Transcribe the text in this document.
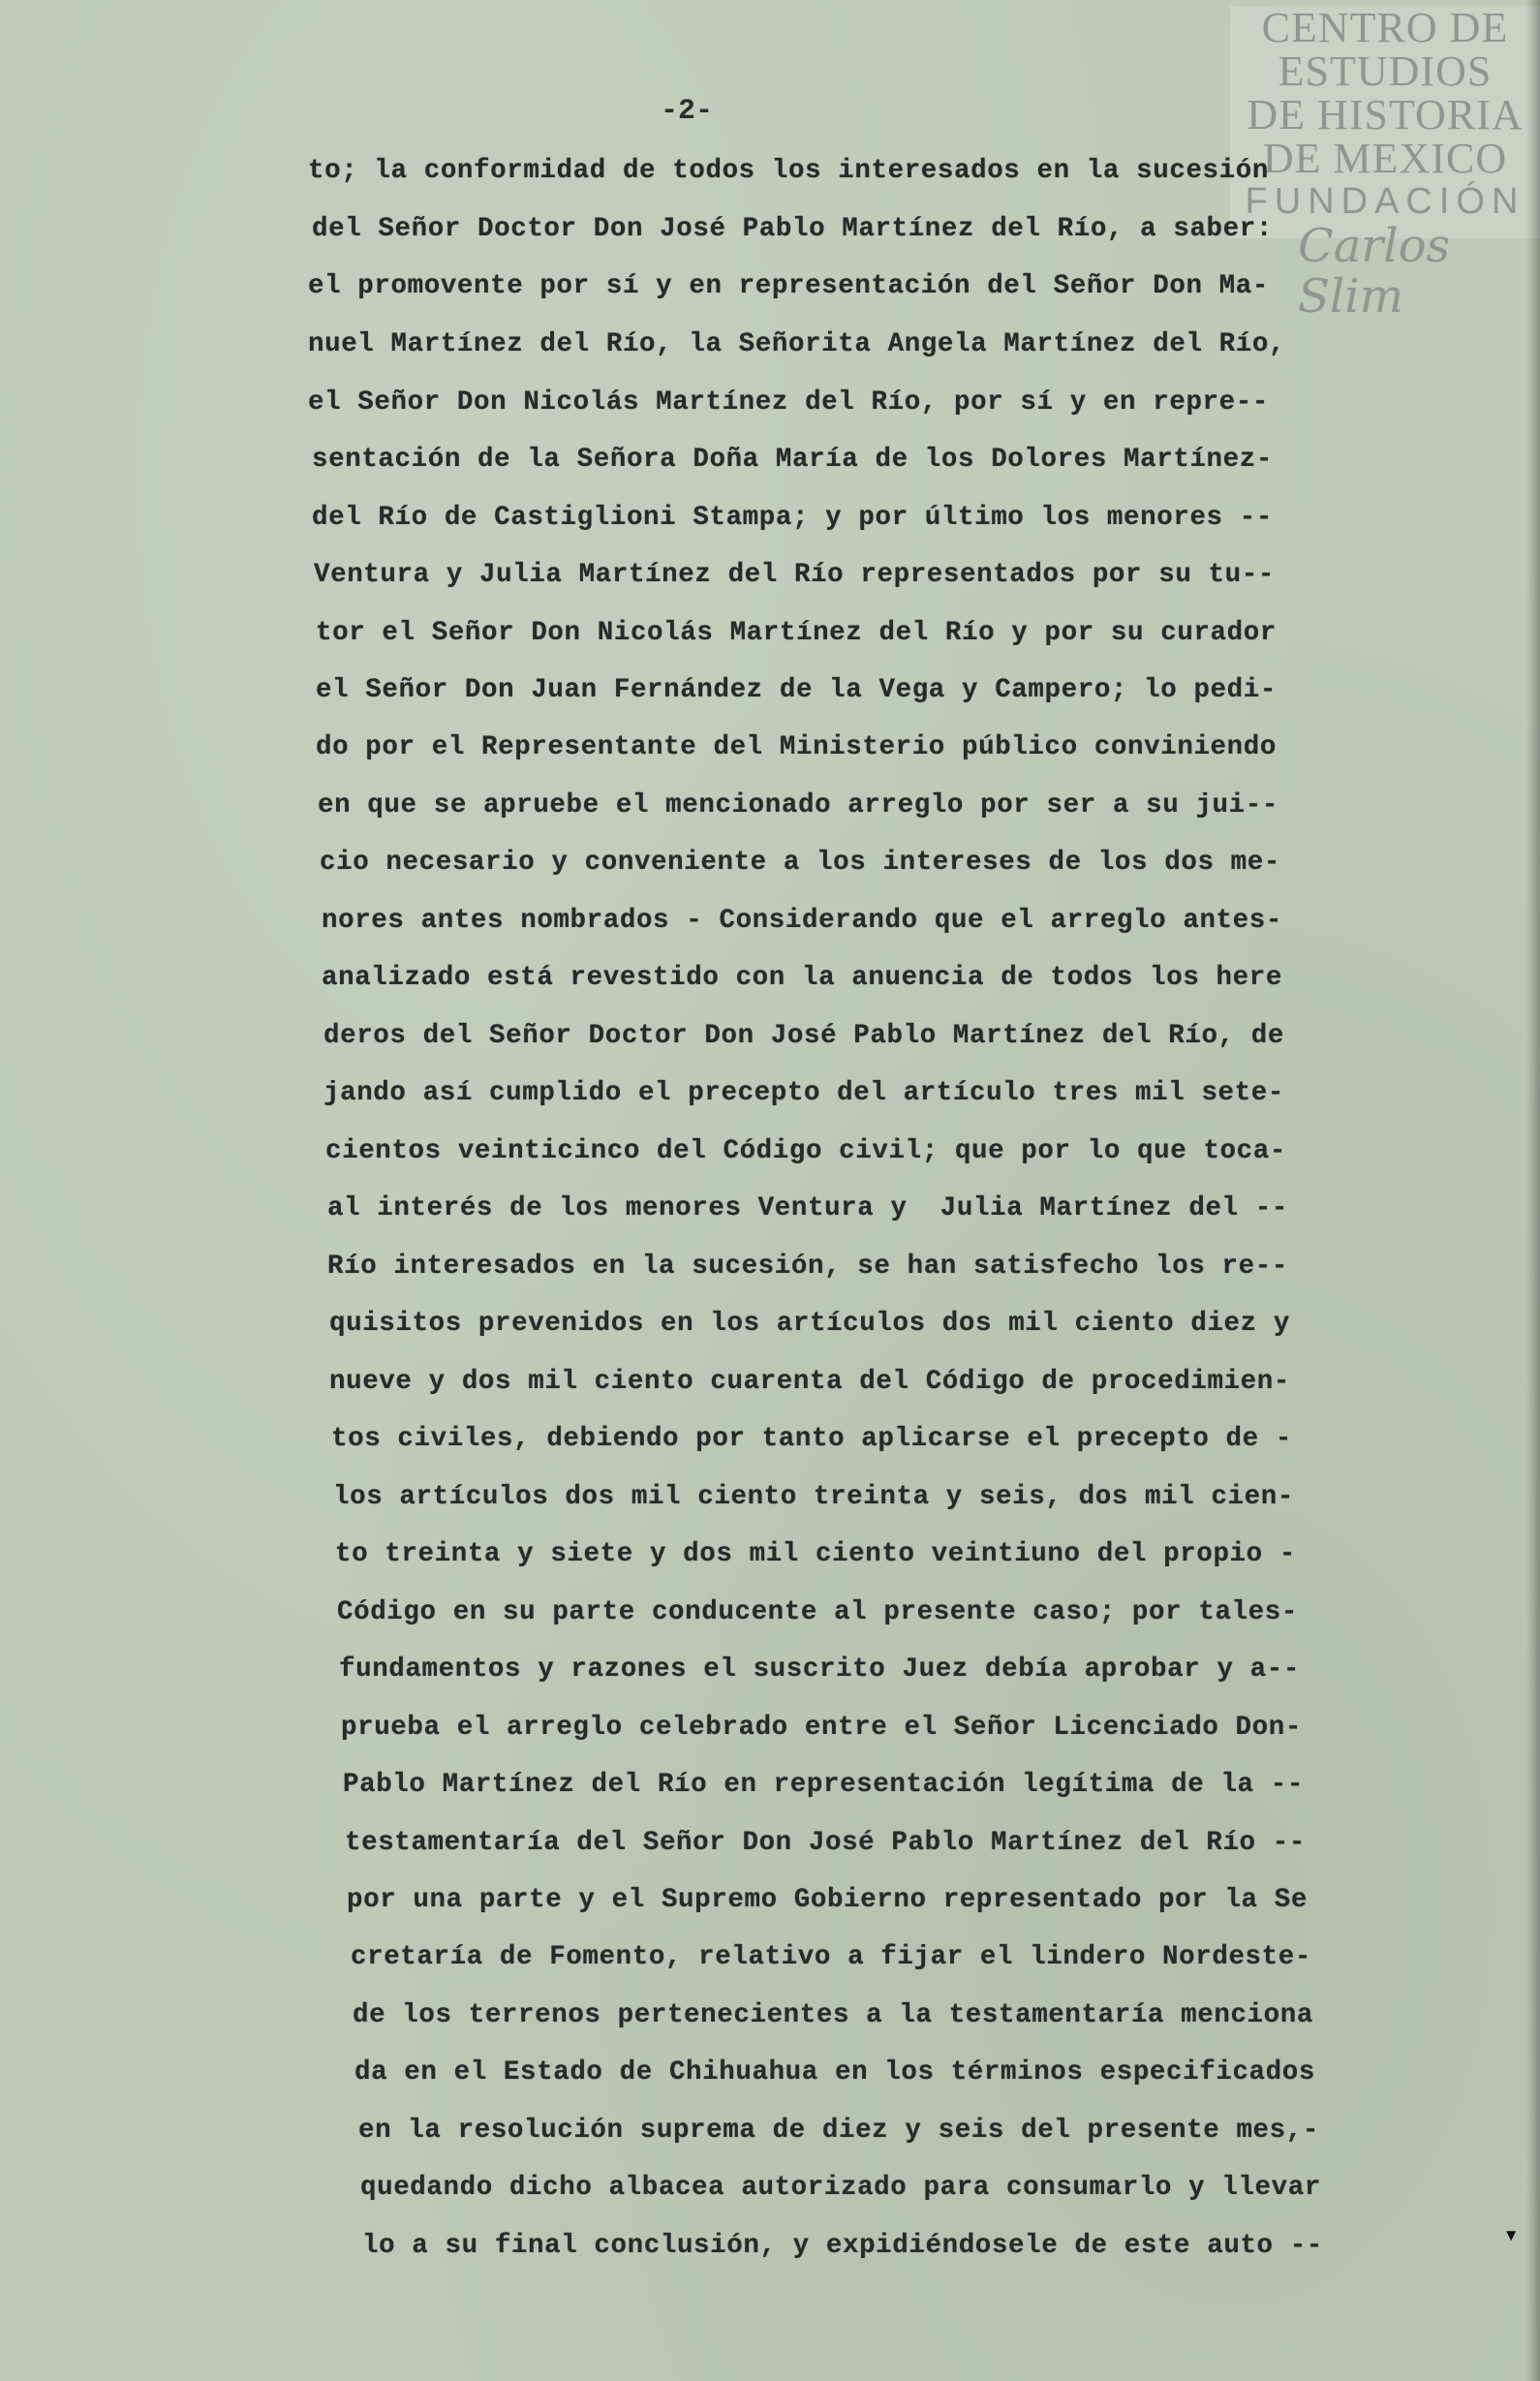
CENTRO DE
ESTUDIOS
DE HISTORIA
DE MEXICO
FUNDACIÓN
Carlos Slim
-2-
to; la conformidad de todos los interesados en la sucesión
del Señor Doctor Don José Pablo Martínez del Río, a saber:
el promovente por sí y en representación del Señor Don Ma-
nuel Martínez del Río, la Señorita Angela Martínez del Río,
el Señor Don Nicolás Martínez del Río, por sí y en repre--
sentación de la Señora Doña María de los Dolores Martínez-
del Río de Castiglioni Stampa; y por último los menores --
Ventura y Julia Martínez del Río representados por su tu--
tor el Señor Don Nicolás Martínez del Río y por su curador
el Señor Don Juan Fernández de la Vega y Campero; lo pedi-
do por el Representante del Ministerio público conviniendo
en que se apruebe el mencionado arreglo por ser a su jui--
cio necesario y conveniente a los intereses de los dos me-
nores antes nombrados - Considerando que el arreglo antes-
analizado está revestido con la anuencia de todos los here
deros del Señor Doctor Don José Pablo Martínez del Río, de
jando así cumplido el precepto del artículo tres mil sete-
cientos veinticinco del Código civil; que por lo que toca-
al interés de los menores Ventura y  Julia Martínez del --
Río interesados en la sucesión, se han satisfecho los re--
quisitos prevenidos en los artículos dos mil ciento diez y
nueve y dos mil ciento cuarenta del Código de procedimien-
tos civiles, debiendo por tanto aplicarse el precepto de -
los artículos dos mil ciento treinta y seis, dos mil cien-
to treinta y siete y dos mil ciento veintiuno del propio -
Código en su parte conducente al presente caso; por tales-
fundamentos y razones el suscrito Juez debía aprobar y a--
prueba el arreglo celebrado entre el Señor Licenciado Don-
Pablo Martínez del Río en representación legítima de la --
testamentaría del Señor Don José Pablo Martínez del Río --
por una parte y el Supremo Gobierno representado por la Se
cretaría de Fomento, relativo a fijar el lindero Nordeste-
de los terrenos pertenecientes a la testamentaría menciona
da en el Estado de Chihuahua en los términos especificados
en la resolución suprema de diez y seis del presente mes,-
quedando dicho albacea autorizado para consumarlo y llevar
lo a su final conclusión, y expidiéndosele de este auto --	▾
